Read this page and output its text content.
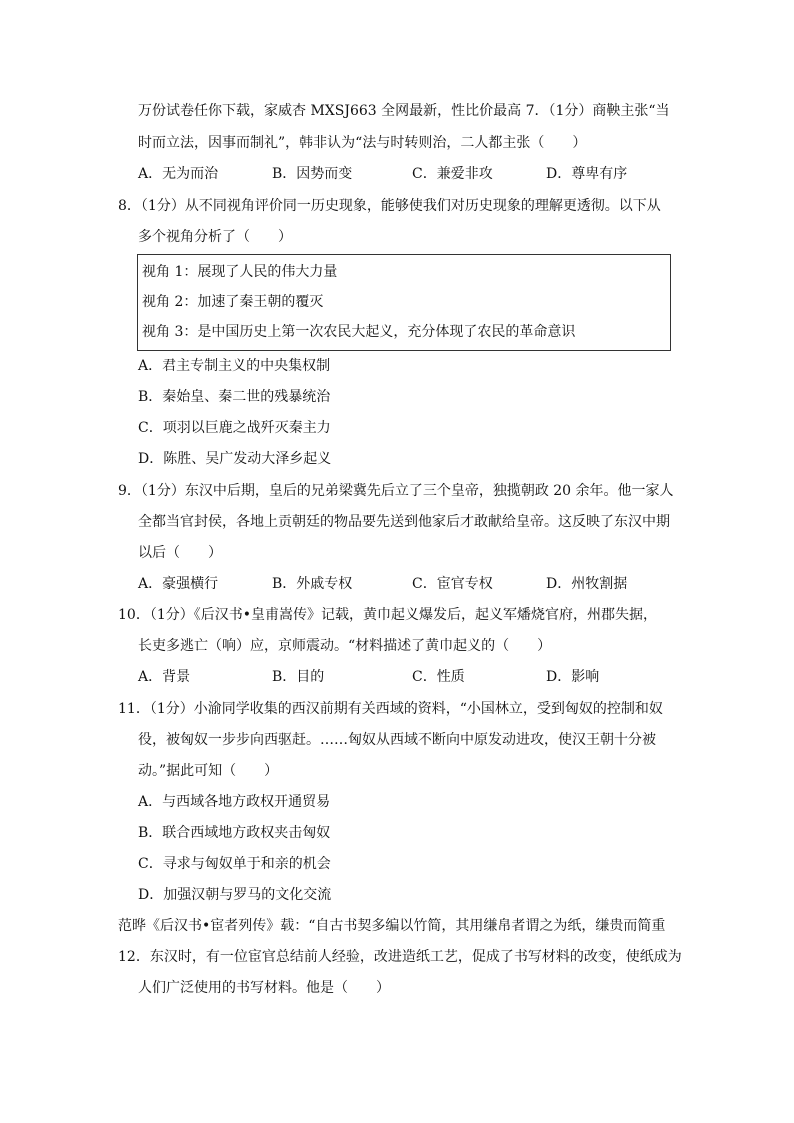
万份试卷任你下载，家威杏 MXSJ663 全网最新，性比价最高 7．（1分）商鞅主张“当
时而立法，因事而制礼”，韩非认为“法与时转则治，二人都主张（　　）
A．无为而治	B．因势而变	C．兼爱非攻	D．尊卑有序
8．（1分）从不同视角评价同一历史现象，能够使我们对历史现象的理解更透彻。以下从
多个视角分析了（　　）
视角 1：展现了人民的伟大力量
视角 2：加速了秦王朝的覆灭
视角 3：是中国历史上第一次农民大起义，充分体现了农民的革命意识
A．君主专制主义的中央集权制
B．秦始皇、秦二世的残暴统治
C．项羽以巨鹿之战歼灭秦主力
D．陈胜、吴广发动大泽乡起义
9．（1分）东汉中后期，皇后的兄弟梁冀先后立了三个皇帝，独揽朝政 20 余年。他一家人
全都当官封侯，各地上贡朝廷的物品要先送到他家后才敢献给皇帝。这反映了东汉中期
以后（　　）
A．豪强横行	B．外戚专权	C．宦官专权	D．州牧割据
10．（1分）《后汉书•皇甫嵩传》记载，黄巾起义爆发后，起义军燔烧官府，州郡失据，
长吏多逃亡（响）应，京师震动。“材料描述了黄巾起义的（　　）
A．背景	B．目的	C．性质	D．影响
11．（1分）小渝同学收集的西汉前期有关西域的资料，“小国林立，受到匈奴的控制和奴
役，被匈奴一步步向西驱赶。……匈奴从西域不断向中原发动进攻，使汉王朝十分被
动。”据此可知（　　）
A．与西域各地方政权开通贸易
B．联合西域地方政权夹击匈奴
C．寻求与匈奴单于和亲的机会
D．加强汉朝与罗马的文化交流
范晔《后汉书•宦者列传》载：“自古书契多编以竹简，其用缣帛者谓之为纸，缣贵而简重
12．东汉时，有一位宦官总结前人经验，改进造纸工艺，促成了书写材料的改变，使纸成为
人们广泛使用的书写材料。他是（　　）
